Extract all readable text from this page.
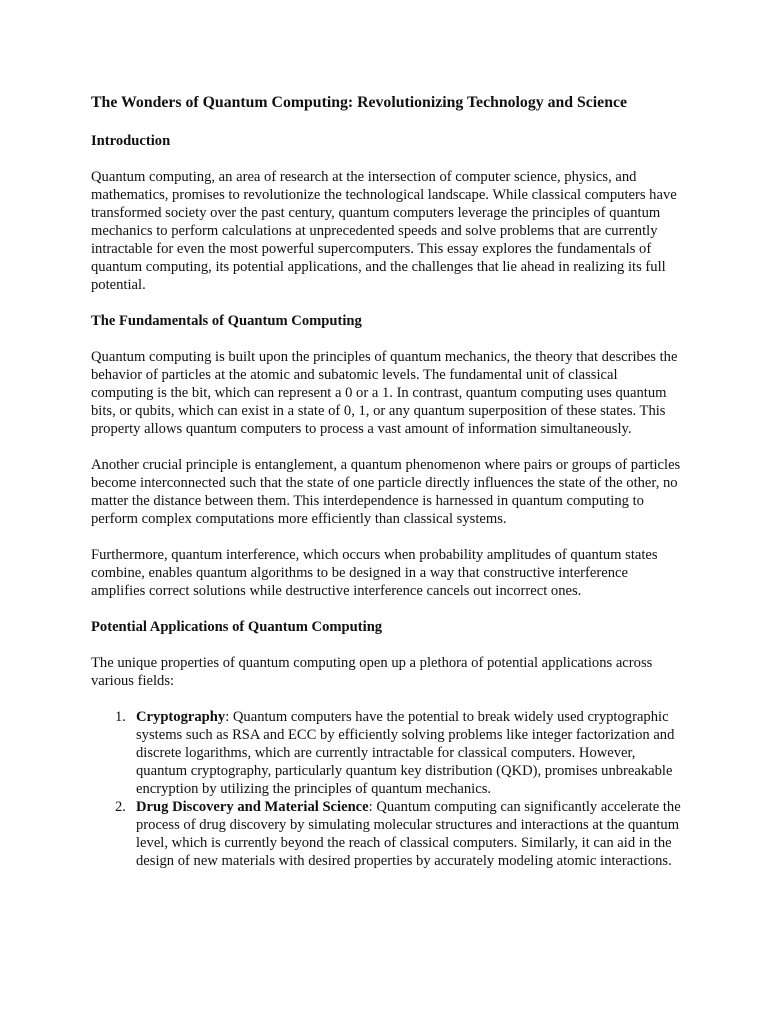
The Wonders of Quantum Computing: Revolutionizing Technology and Science
Introduction

Quantum computing, an area of research at the intersection of computer science, physics, and mathematics, promises to revolutionize the technological landscape. While classical computers have transformed society over the past century, quantum computers leverage the principles of quantum mechanics to perform calculations at unprecedented speeds and solve problems that are currently intractable for even the most powerful supercomputers. This essay explores the fundamentals of quantum computing, its potential applications, and the challenges that lie ahead in realizing its full potential.

The Fundamentals of Quantum Computing

Quantum computing is built upon the principles of quantum mechanics, the theory that describes the behavior of particles at the atomic and subatomic levels. The fundamental unit of classical computing is the bit, which can represent a 0 or a 1. In contrast, quantum computing uses quantum bits, or qubits, which can exist in a state of 0, 1, or any quantum superposition of these states. This property allows quantum computers to process a vast amount of information simultaneously.

Another crucial principle is entanglement, a quantum phenomenon where pairs or groups of particles become interconnected such that the state of one particle directly influences the state of the other, no matter the distance between them. This interdependence is harnessed in quantum computing to perform complex computations more efficiently than classical systems.

Furthermore, quantum interference, which occurs when probability amplitudes of quantum states combine, enables quantum algorithms to be designed in a way that constructive interference amplifies correct solutions while destructive interference cancels out incorrect ones.

Potential Applications of Quantum Computing

The unique properties of quantum computing open up a plethora of potential applications across various fields:

1. Cryptography: Quantum computers have the potential to break widely used cryptographic systems such as RSA and ECC by efficiently solving problems like integer factorization and discrete logarithms, which are currently intractable for classical computers. However, quantum cryptography, particularly quantum key distribution (QKD), promises unbreakable encryption by utilizing the principles of quantum mechanics.
2. Drug Discovery and Material Science: Quantum computing can significantly accelerate the process of drug discovery by simulating molecular structures and interactions at the quantum level, which is currently beyond the reach of classical computers. Similarly, it can aid in the design of new materials with desired properties by accurately modeling atomic interactions.
